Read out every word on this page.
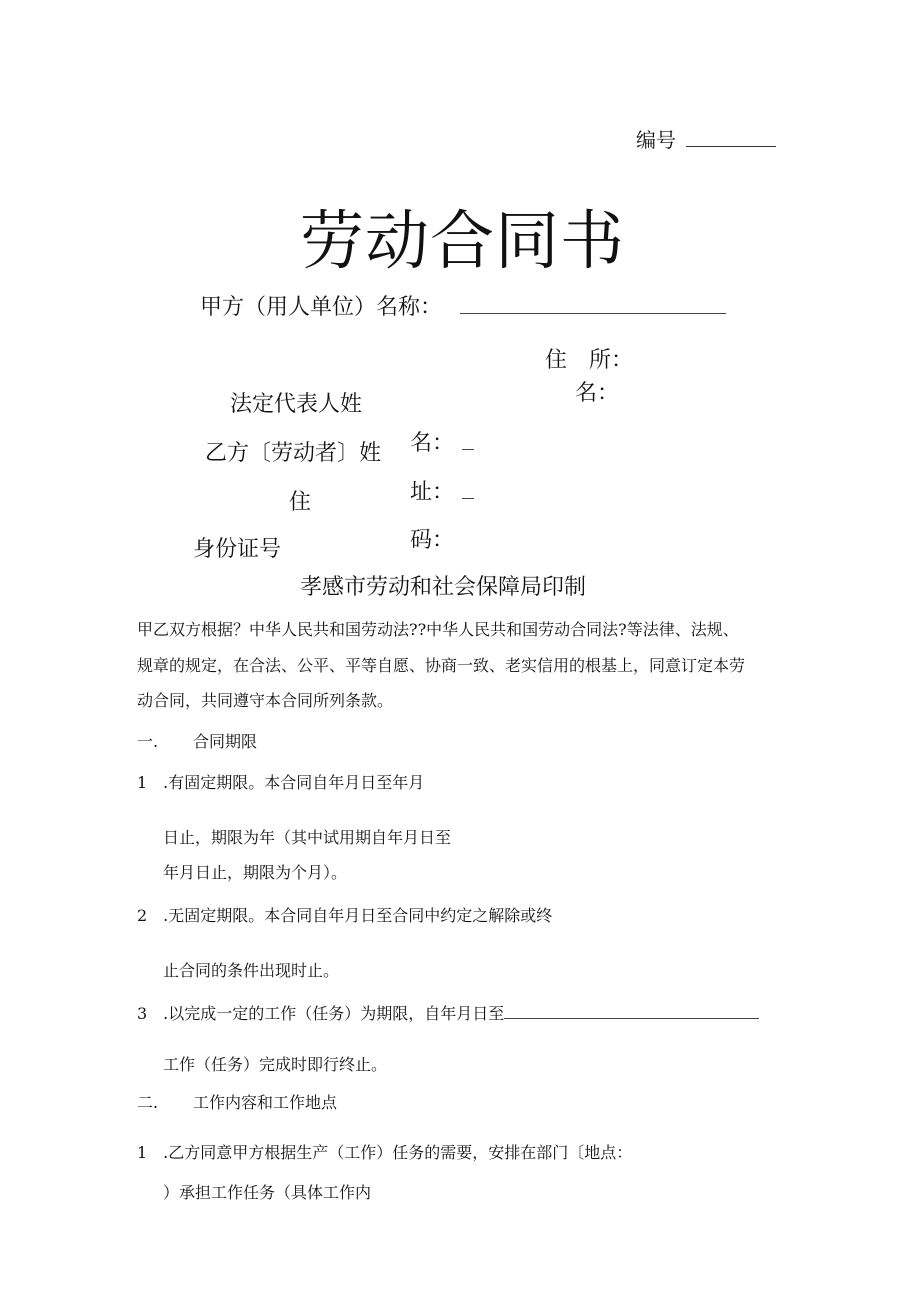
编号
劳动合同书
甲方（用人单位）名称：
住　所：
名：
法定代表人姓
乙方〔劳动者〕姓 名：
住	址：
身份证号	码：
孝感市劳动和社会保障局印制
甲乙双方根据？中华人民共和国劳动法??中华人民共和国劳动合同法?等法律、法规、
规章的规定，在合法、公平、平等自愿、协商一致、老实信用的根基上，同意订定本劳
动合同，共同遵守本合同所列条款。
一. 合同期限
1　.有固定期限。本合同自年月日至年月
日止，期限为年（其中试用期自年月日至
年月日止，期限为个月）。
2　.无固定期限。本合同自年月日至合同中约定之解除或终
止合同的条件出现时止。
3　.以完成一定的工作（任务）为期限，自年月日至
工作（任务）完成时即行终止。
二. 工作内容和工作地点
1　.乙方同意甲方根据生产（工作）任务的需要，安排在部门〔地点：
）承担工作任务（具体工作内
